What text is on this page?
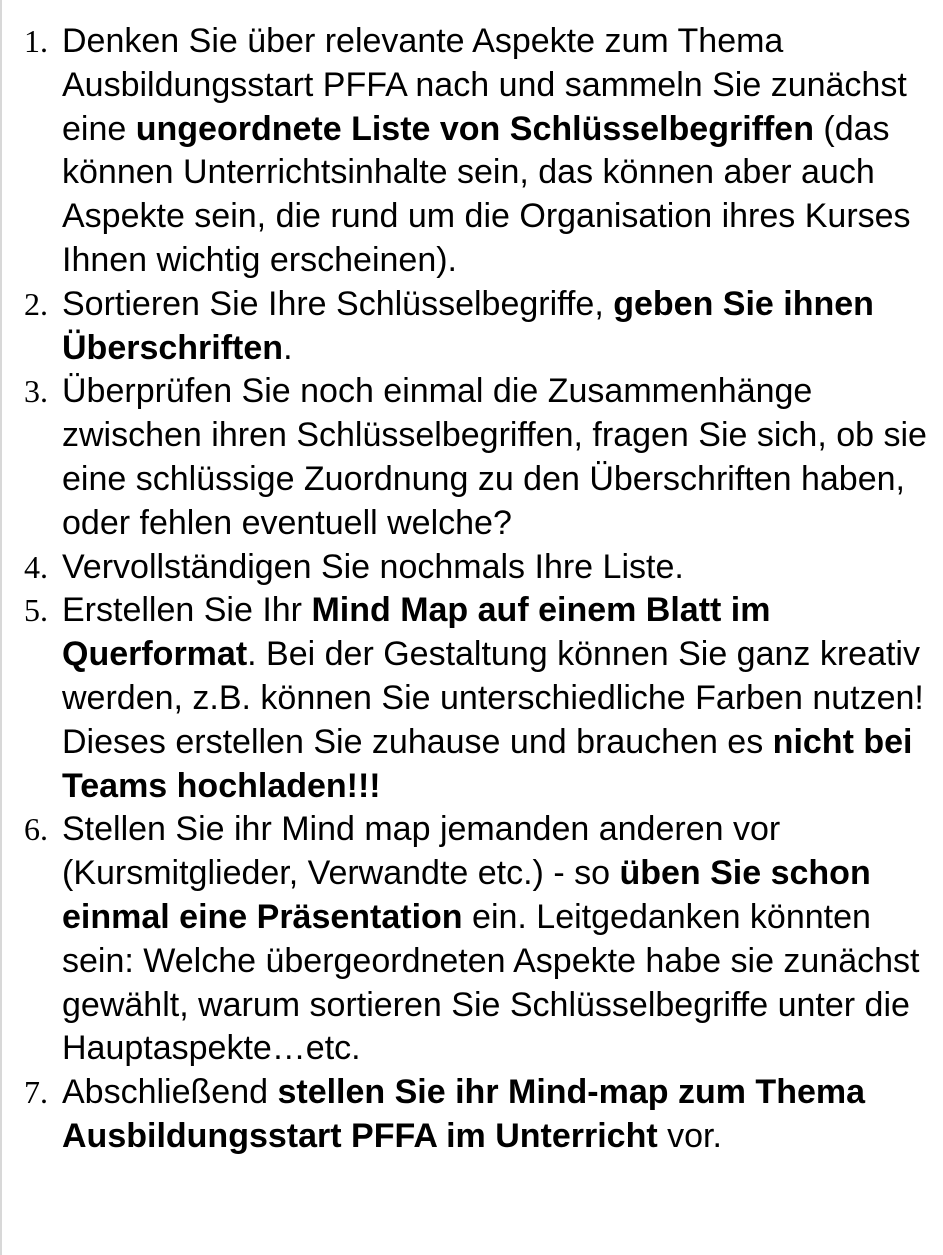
1. Denken Sie über relevante Aspekte zum Thema Ausbildungsstart PFFA nach und sammeln Sie zunächst eine ungeordnete Liste von Schlüsselbegriffen (das können Unterrichtsinhalte sein, das können aber auch Aspekte sein, die rund um die Organisation ihres Kurses Ihnen wichtig erscheinen).
2. Sortieren Sie Ihre Schlüsselbegriffe, geben Sie ihnen Überschriften.
3. Überprüfen Sie noch einmal die Zusammenhänge zwischen ihren Schlüsselbegriffen, fragen Sie sich, ob sie eine schlüssige Zuordnung zu den Überschriften haben, oder fehlen eventuell welche?
4. Vervollständigen Sie nochmals Ihre Liste.
5. Erstellen Sie Ihr Mind Map auf einem Blatt im Querformat. Bei der Gestaltung können Sie ganz kreativ werden, z.B. können Sie unterschiedliche Farben nutzen! Dieses erstellen Sie zuhause und brauchen es nicht bei Teams hochladen!!!
6. Stellen Sie ihr Mind map jemanden anderen vor (Kursmitglieder, Verwandte etc.) - so üben Sie schon einmal eine Präsentation ein. Leitgedanken könnten sein: Welche übergeordneten Aspekte habe sie zunächst gewählt, warum sortieren Sie Schlüsselbegriffe unter die Hauptaspekte…etc.
7. Abschließend stellen Sie ihr Mind-map zum Thema Ausbildungsstart PFFA im Unterricht vor.
